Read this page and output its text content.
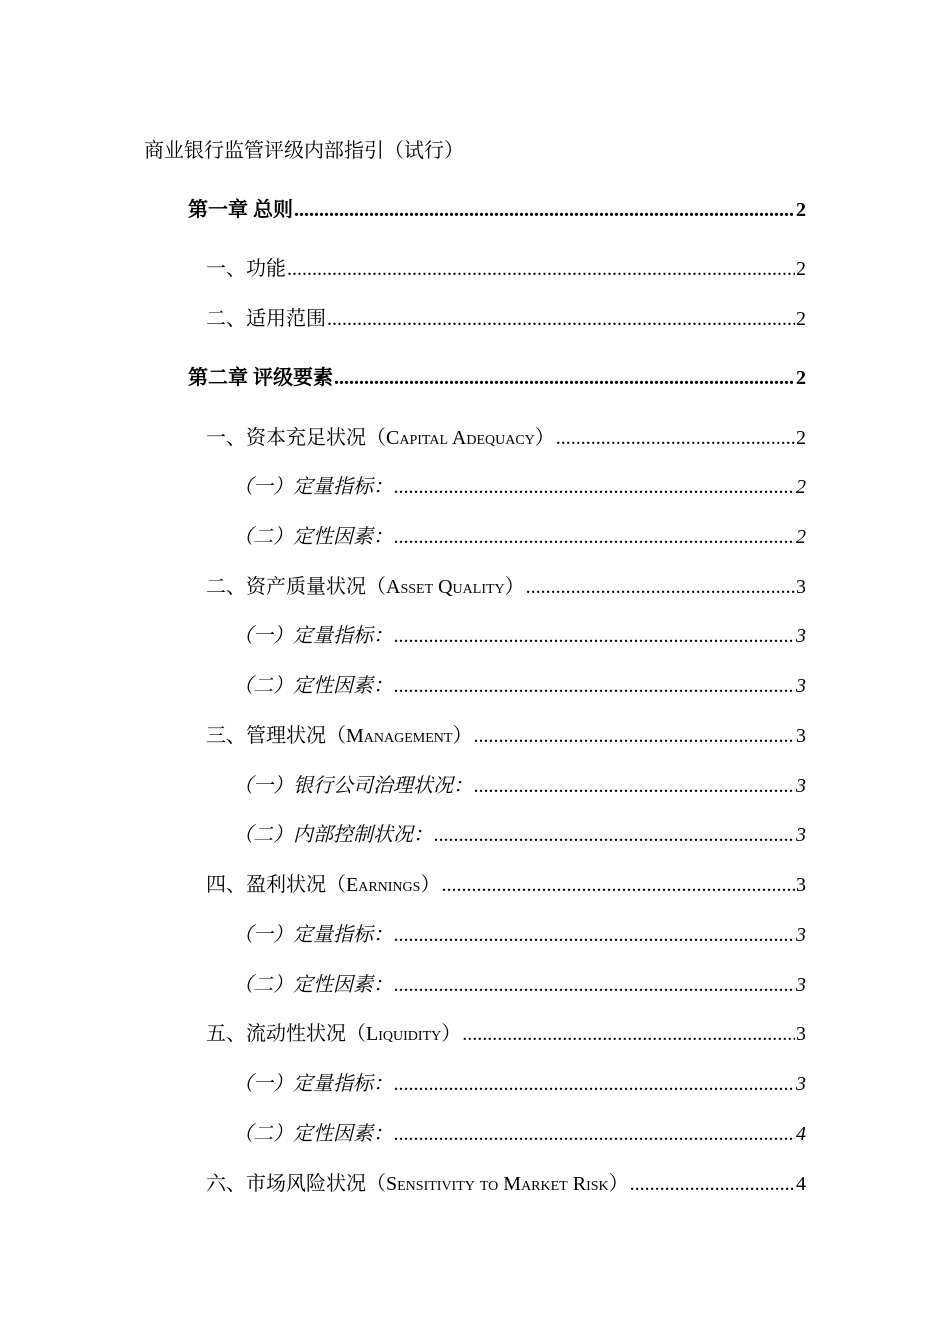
商业银行监管评级内部指引（试行）
第一章 总则 .....	2
一、功能 .....	2
二、适用范围 .....	2
第二章 评级要素 .....	2
一、资本充足状况（Capital Adequacy） .....	2
（一）定量指标： .....	2
（二）定性因素： .....	2
二、资产质量状况（Asset Quality） .....	3
（一）定量指标： .....	3
（二）定性因素： .....	3
三、管理状况（Management） .....	3
（一）银行公司治理状况： .....	3
（二）内部控制状况： .....	3
四、盈利状况（Earnings） .....	3
（一）定量指标： .....	3
（二）定性因素： .....	3
五、流动性状况（Liquidity） .....	3
（一）定量指标： .....	3
（二）定性因素： .....	4
六、市场风险状况（Sensitivity to Market Risk） .....	4
